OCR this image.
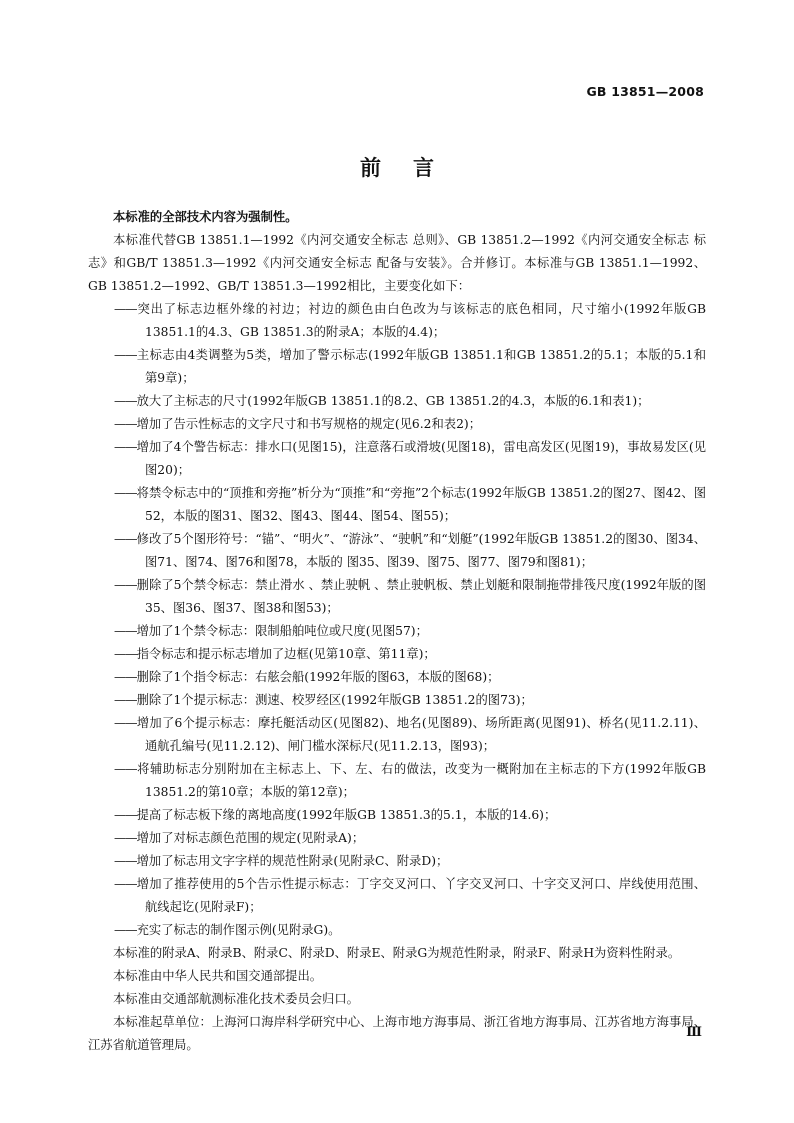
GB 13851—2008
前言

本标准的全部技术内容为强制性。

本标准代替GB 13851.1—1992《内河交通安全标志 总则》、GB 13851.2—1992《内河交通安全标志 标志》和GB/T 13851.3—1992《内河交通安全标志 配备与安装》。合并修订。本标准与GB 13851.1—1992、GB 13851.2—1992、GB/T 13851.3—1992相比，主要变化如下：

——突出了标志边框外缘的衬边；衬边的颜色由白色改为与该标志的底色相同，尺寸缩小(1992年版GB 13851.1的4.3、GB 13851.3的附录A；本版的4.4)；

——主标志由4类调整为5类，增加了警示标志(1992年版GB 13851.1和GB 13851.2的5.1；本版的5.1和第9章)；

——放大了主标志的尺寸(1992年版GB 13851.1的8.2、GB 13851.2的4.3，本版的6.1和表1)；

——增加了告示性标志的文字尺寸和书写规格的规定(见6.2和表2)；

——增加了4个警告标志：排水口(见图15)，注意落石或滑坡(见图18)，雷电高发区(见图19)，事故易发区(见图20)；

——将禁令标志中的“顶推和旁拖”析分为“顶推”和“旁拖”2个标志(1992年版GB 13851.2的图27、图42、图52，本版的图31、图32、图43、图44、图54、图55)；

——修改了5个图形符号：“锚”、“明火”、“游泳”、“驶帆”和“划艇”(1992年版GB 13851.2的图30、图34、图71、图74、图76和图78，本版的 图35、图39、图75、图77、图79和图81)；

——删除了5个禁令标志：禁止滑水 、禁止驶帆 、禁止驶帆板、禁止划艇和限制拖带排筏尺度(1992年版的图35、图36、图37、图38和图53)；

——增加了1个禁令标志：限制船舶吨位或尺度(见图57)；

——指令标志和提示标志增加了边框(见第10章、第11章)；

——删除了1个指令标志：右舷会船(1992年版的图63，本版的图68)；

——删除了1个提示标志：测速、校罗经区(1992年版GB 13851.2的图73)；

——增加了6个提示标志：摩托艇活动区(见图82)、地名(见图89)、场所距离(见图91)、桥名(见11.2.11)、通航孔编号(见11.2.12)、闸门槛水深标尺(见11.2.13，图93)；

——将辅助标志分别附加在主标志上、下、左、右的做法，改变为一概附加在主标志的下方(1992年版GB 13851.2的第10章；本版的第12章)；

——提高了标志板下缘的离地高度(1992年版GB 13851.3的5.1，本版的14.6)；

——增加了对标志颜色范围的规定(见附录A)；

——增加了标志用文字字样的规范性附录(见附录C、附录D)；

——增加了推荐使用的5个告示性提示标志：丁字交叉河口、丫字交叉河口、十字交叉河口、岸线使用范围、航线起讫(见附录F)；

——充实了标志的制作图示例(见附录G)。

本标准的附录A、附录B、附录C、附录D、附录E、附录G为规范性附录，附录F、附录H为资料性附录。

本标准由中华人民共和国交通部提出。

本标准由交通部航测标准化技术委员会归口。

本标准起草单位：上海河口海岸科学研究中心、上海市地方海事局、浙江省地方海事局、江苏省地方海事局、江苏省航道管理局。

Ⅲ
